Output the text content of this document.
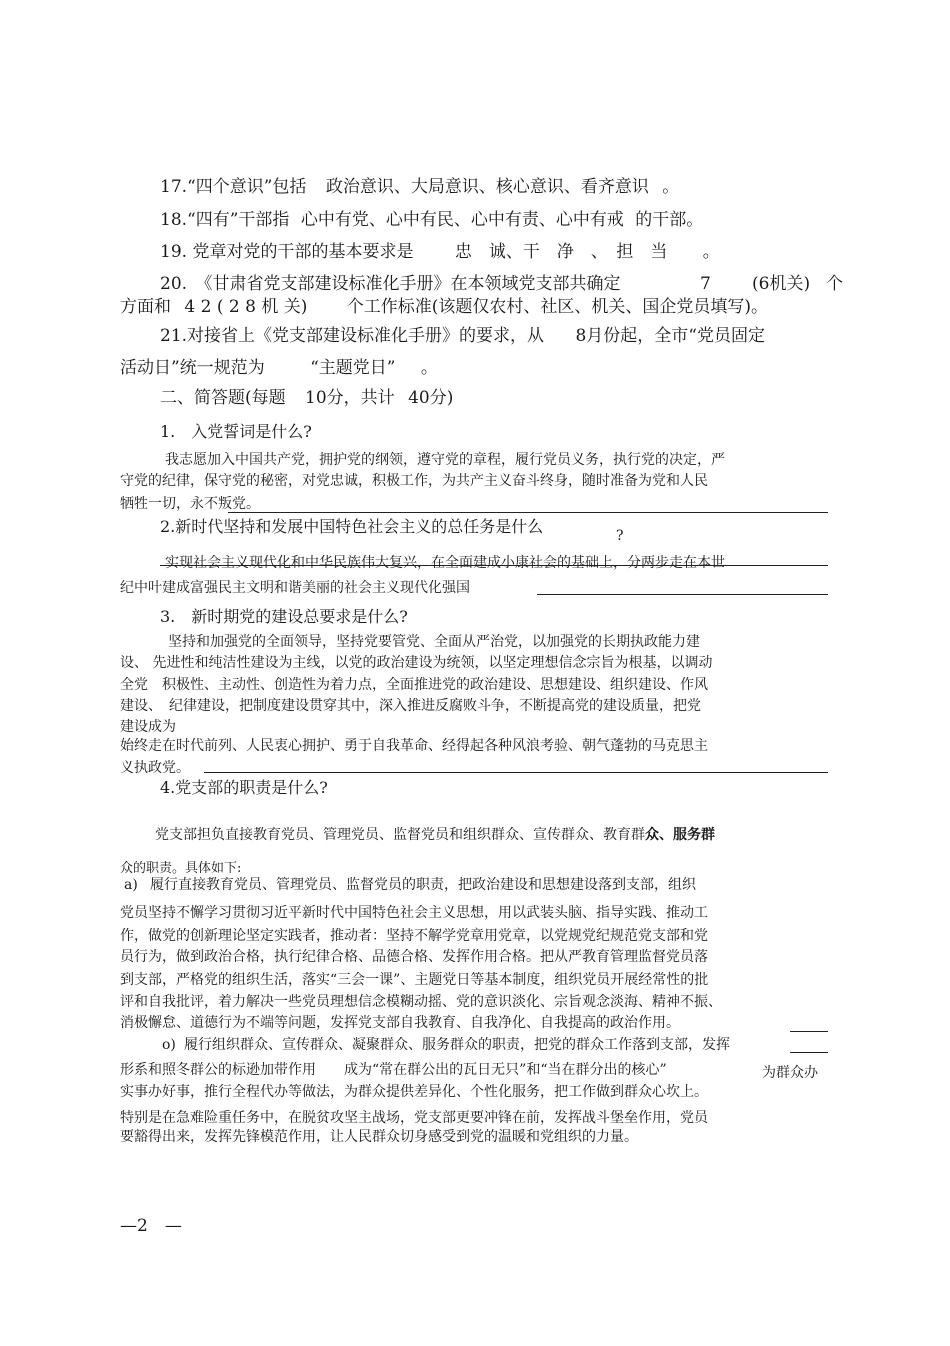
17.“四个意识”包括 政治意识、大局意识、核心意识、看齐意识 。
18.“四有”干部指 心中有党、心中有民、心中有责、心中有戒 的干部。
19. 党章对党的干部的基本要求是 忠　诚、干　净　、　担　当 。
20.　《甘肃省党支部建设标准化手册》在本领域党支部共确定	7 (6机关) 个
方面和 4 2 ( 2 8 机 关) 个工作标准(该题仅农村、社区、机关、国企党员填写)。
21.对接省上《党支部建设标准化手册》的要求，从 8月份起，全市“党员固定
活动日”统一规范为	“主题党日” 。
二、简答题(每题 10分，共计 40分)
1.　入党誓词是什么?
我志愿加入中国共产党，拥护党的纲领，遵守党的章程，履行党员义务，执行党的决定，严
守党的纪律，保守党的秘密，对党忠诚，积极工作，为共产主义奋斗终身，随时准备为党和人民
牺牲一切，永不叛党。
2.新时代坚持和发展中国特色社会主义的总任务是什么	?
实现社会主义现代化和中华民族伟大复兴，在全面建成小康社会的基础上，分两步走在本世
纪中叶建成富强民主文明和谐美丽的社会主义现代化强国
3.　新时期党的建设总要求是什么?
坚持和加强党的全面领导，坚持党要管党、全面从严治党，以加强党的长期执政能力建
设、 先进性和纯洁性建设为主线，以党的政治建设为统领，以坚定理想信念宗旨为根基，以调动
全党　积极性、主动性、创造性为着力点，全面推进党的政治建设、思想建设、组织建设、作风
建设、　纪律建设，把制度建设贯穿其中，深入推进反腐败斗争，不断提高党的建设质量，把党
建设成为
始终走在时代前列、人民衷心拥护、勇于自我革命、经得起各种风浪考验、朝气蓬勃的马克思主
义执政党。
4.党支部的职责是什么?
党支部担负直接教育党员、管理党员、监督党员和组织群众、宣传群众、教育群众、服务群
众的职责。具体如下:
a) 履行直接教育党员、管理党员、监督党员的职责，把政治建设和思想建设落到支部，组织
党员坚持不懈学习贯彻习近平新时代中国特色社会主义思想，用以武装头脑、指导实践、推动工
作，做党的创新理论坚定实践者，推动者：坚持不解学党章用党章，以党规党纪规范党支部和党
员行为，做到政治合格，执行纪律合格、品德合格、发挥作用合格。把从严教育管理监督党员落
到支部，严格党的组织生活，落实“三会一课”、主题党日等基本制度，组织党员开展经常性的批
评和自我批评，着力解决一些党员理想信念模糊动摇、党的意识淡化、宗旨观念淡海、精神不振、
消极懈怠、道德行为不端等问题，发挥党支部自我教育、自我净化、自我提高的政治作用。
o) 履行组织群众、宣传群众、凝聚群众、服务群众的职责，把党的群众工作落到支部，发挥
形系和照冬群公的标逊加带作用 成为“常在群公出的瓦日无只”和“当在群分出的核心”	为群众办
实事办好事，推行全程代办等做法，为群众提供差异化、个性化服务，把工作做到群众心坎上。
特别是在急难险重任务中，在脱贫攻坚主战场，党支部更要冲锋在前，发挥战斗堡垒作用，党员
要豁得出来，发挥先锋模范作用，让人民群众切身感受到党的温暖和党组织的力量。
—2　—
